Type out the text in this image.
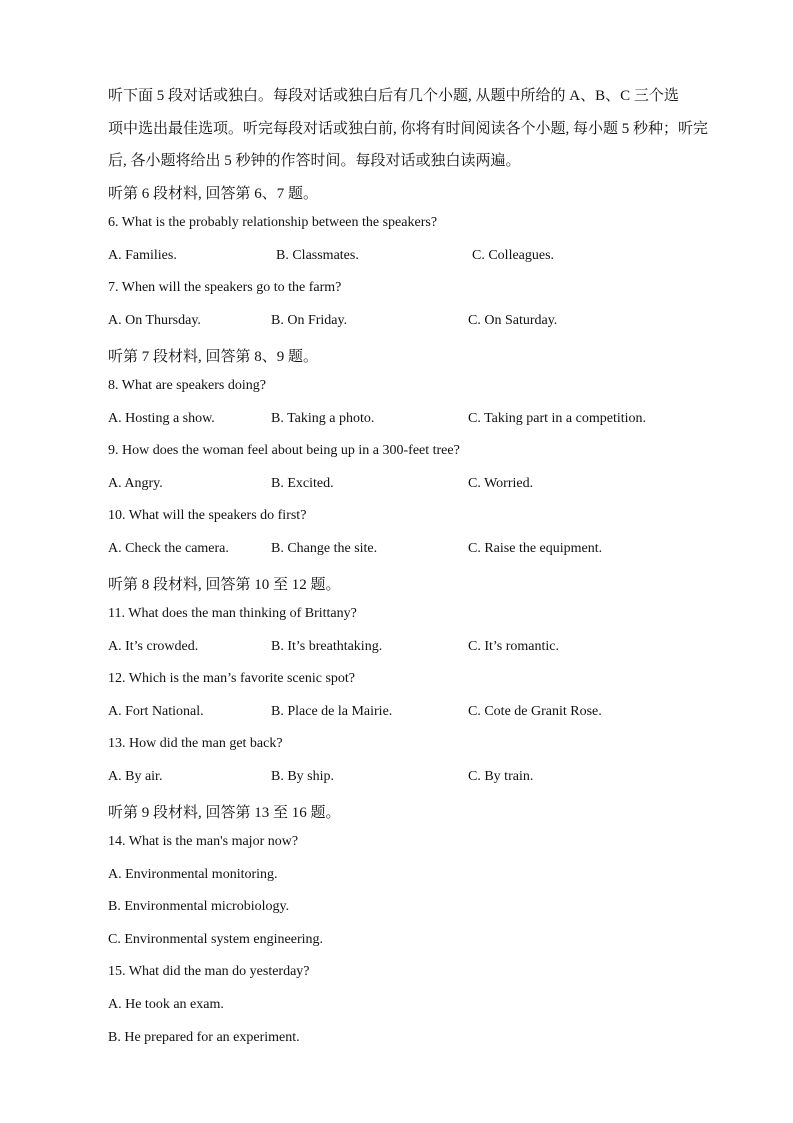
听下面 5 段对话或独白。每段对话或独白后有几个小题, 从题中所给的 A、B、C 三个选
项中选出最佳选项。听完每段对话或独白前, 你将有时间阅读各个小题, 每小题 5 秒种；听完
后, 各小题将给出 5 秒钟的作答时间。每段对话或独白读两遍。
听第 6 段材料, 回答第 6、7 题。
6. What is the probably relationship between the speakers?
A. Families.	B. Classmates.	C. Colleagues.
7. When will the speakers go to the farm?
A. On Thursday.	B. On Friday.	C. On Saturday.
听第 7 段材料, 回答第 8、9 题。
8. What are speakers doing?
A. Hosting a show.	B. Taking a photo.	C. Taking part in a competition.
9. How does the woman feel about being up in a 300-feet tree?
A. Angry.	B. Excited.	C. Worried.
10. What will the speakers do first?
A. Check the camera.	B. Change the site.	C. Raise the equipment.
听第 8 段材料, 回答第 10 至 12 题。
11. What does the man thinking of Brittany?
A. It’s crowded.	B. It’s breathtaking.	C. It’s romantic.
12. Which is the man’s favorite scenic spot?
A. Fort National.	B. Place de la Mairie.	C. Cote de Granit Rose.
13. How did the man get back?
A. By air.	B. By ship.	C. By train.
听第 9 段材料, 回答第 13 至 16 题。
14. What is the man's major now?
A. Environmental monitoring.
B. Environmental microbiology.
C. Environmental system engineering.
15. What did the man do yesterday?
A. He took an exam.
B. He prepared for an experiment.
